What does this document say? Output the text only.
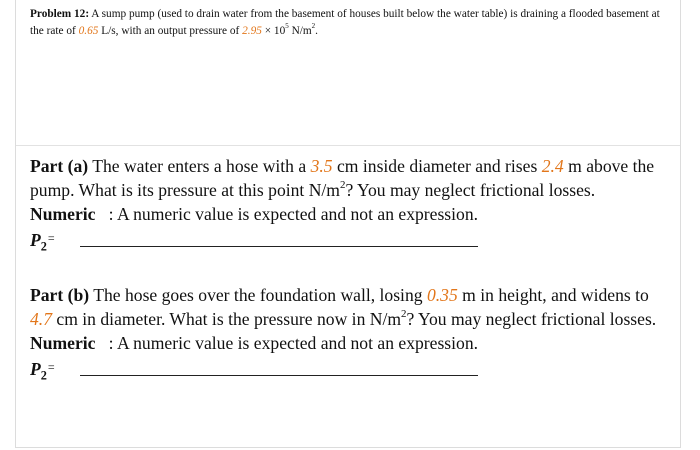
Problem 12: A sump pump (used to drain water from the basement of houses built below the water table) is draining a flooded basement at the rate of 0.65 L/s, with an output pressure of $2.95 \times 10^5$ $N/m^2$.
Part (a) The water enters a hose with a 3.5 cm inside diameter and rises 2.4 m above the pump. What is its pressure at this point $N/m^2$? You may neglect frictional losses.
Numeric : A numeric value is expected and not an expression.
$P_2^=$
Part (b) The hose goes over the foundation wall, losing 0.35 m in height, and widens to 4.7 cm in diameter. What is the pressure now in $N/m^2$? You may neglect frictional losses.
Numeric : A numeric value is expected and not an expression.
$P_2^=$
